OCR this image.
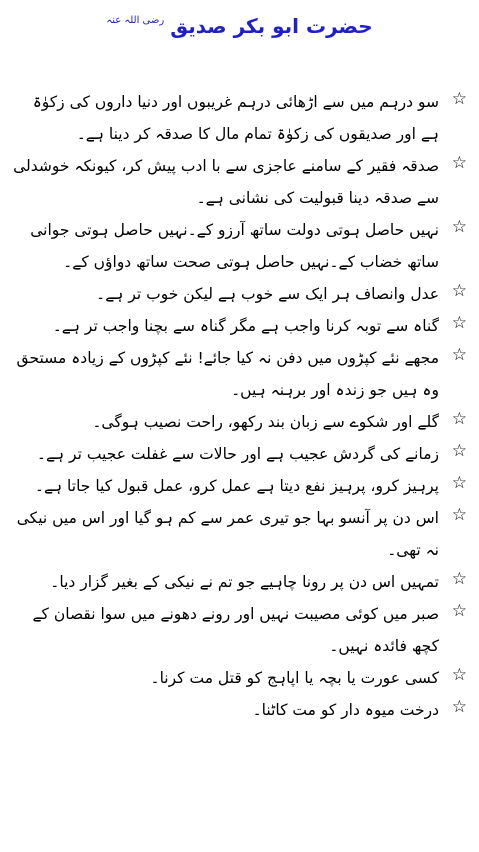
حضرت ابو بکر صدیق
رضی اللہ عنہ
☆
سو درہم میں سے اڑھائی درہم غریبوں اور دنیا داروں کی زکوٰۃ ہے اور صدیقوں کی زکوٰۃ تمام مال کا صدقہ کر دینا ہے۔
☆
صدقہ فقیر کے سامنے عاجزی سے با ادب پیش کر، کیونکہ خوشدلی سے صدقہ دینا قبولیت کی نشانی ہے۔
☆
نہیں حاصل ہوتی دولت ساتھ آرزو کے۔نہیں حاصل ہوتی جوانی ساتھ خضاب کے۔نہیں حاصل ہوتی صحت ساتھ دواؤں کے۔
☆
عدل وانصاف ہر ایک سے خوب ہے لیکن خوب تر ہے۔
☆
گناہ سے توبہ کرنا واجب ہے مگر گناہ سے بچنا واجب تر ہے۔
☆
مجھے نئے کپڑوں میں دفن نہ کیا جائے! نئے کپڑوں کے زیادہ مستحق وہ ہیں جو زندہ اور برہنہ ہیں۔
☆
گلے اور شکوے سے زبان بند رکھو، راحت نصیب ہوگی۔
☆
زمانے کی گردش عجیب ہے اور حالات سے غفلت عجیب تر ہے۔
☆
پرہیز کرو، پرہیز نفع دیتا ہے عمل کرو، عمل قبول کیا جاتا ہے۔
☆
اس دن پر آنسو بہا جو تیری عمر سے کم ہو گیا اور اس میں نیکی نہ تھی۔
☆
تمہیں اس دن پر رونا چاہیے جو تم نے نیکی کے بغیر گزار دیا۔
☆
صبر میں کوئی مصیبت نہیں اور رونے دھونے میں سوا نقصان کے کچھ فائدہ نہیں۔
☆
کسی عورت یا بچہ یا اپاہج کو قتل مت کرنا۔
☆
درخت میوہ دار کو مت کاٹنا۔
